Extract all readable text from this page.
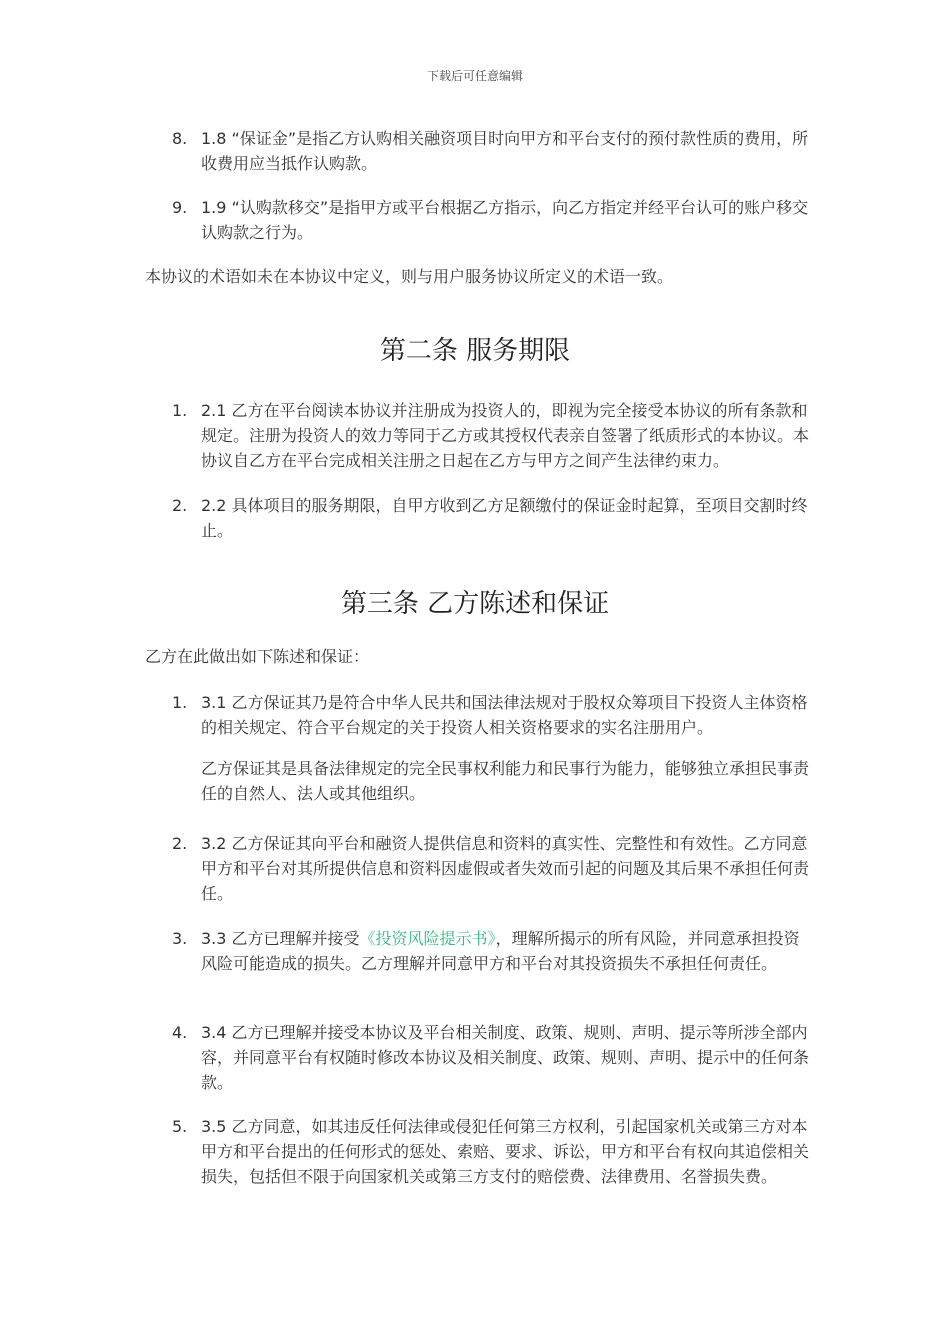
下载后可任意编辑
8. 1.8 “保证金”是指乙方认购相关融资项目时向甲方和平台支付的预付款性质的费用，所收费用应当抵作认购款。
9. 1.9 “认购款移交”是指甲方或平台根据乙方指示，向乙方指定并经平台认可的账户移交认购款之行为。
本协议的术语如未在本协议中定义，则与用户服务协议所定义的术语一致。
第二条 服务期限
1. 2.1 乙方在平台阅读本协议并注册成为投资人的，即视为完全接受本协议的所有条款和规定。注册为投资人的效力等同于乙方或其授权代表亲自签署了纸质形式的本协议。本协议自乙方在平台完成相关注册之日起在乙方与甲方之间产生法律约束力。
2. 2.2 具体项目的服务期限，自甲方收到乙方足额缴付的保证金时起算，至项目交割时终止。
第三条 乙方陈述和保证
乙方在此做出如下陈述和保证：
1. 3.1 乙方保证其乃是符合中华人民共和国法律法规对于股权众筹项目下投资人主体资格的相关规定、符合平台规定的关于投资人相关资格要求的实名注册用户。
乙方保证其是具备法律规定的完全民事权利能力和民事行为能力，能够独立承担民事责任的自然人、法人或其他组织。
2. 3.2 乙方保证其向平台和融资人提供信息和资料的真实性、完整性和有效性。乙方同意甲方和平台对其所提供信息和资料因虚假或者失效而引起的问题及其后果不承担任何责任。
3. 3.3 乙方已理解并接受《投资风险提示书》，理解所揭示的所有风险，并同意承担投资风险可能造成的损失。乙方理解并同意甲方和平台对其投资损失不承担任何责任。
4. 3.4 乙方已理解并接受本协议及平台相关制度、政策、规则、声明、提示等所涉全部内容，并同意平台有权随时修改本协议及相关制度、政策、规则、声明、提示中的任何条款。
5. 3.5 乙方同意，如其违反任何法律或侵犯任何第三方权利，引起国家机关或第三方对本甲方和平台提出的任何形式的惩处、索赔、要求、诉讼，甲方和平台有权向其追偿相关损失，包括但不限于向国家机关或第三方支付的赔偿费、法律费用、名誉损失费。
